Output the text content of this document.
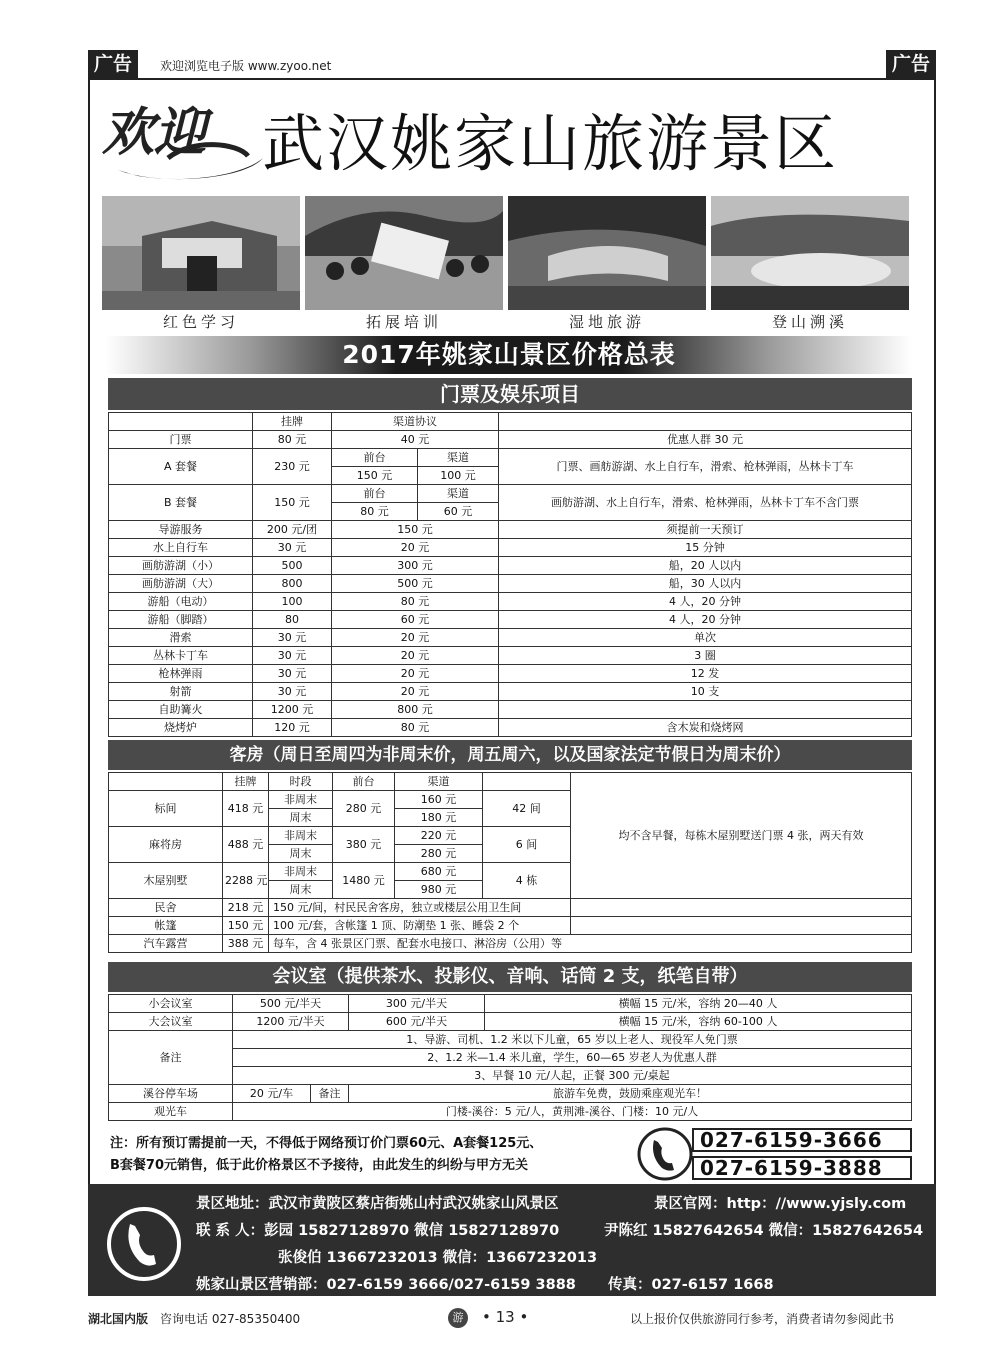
广告	欢迎浏览电子版 www.zyoo.net	广告
欢迎 武汉姚家山旅游景区
红色学习	拓展培训	湿地旅游	登山溯溪
2017年姚家山景区价格总表
门票及娱乐项目
	挂牌	渠道协议		
门票	80 元	40 元		优惠人群 30 元
A 套餐	230 元	前台	渠道	门票、画舫游湖、水上自行车，滑索、枪林弹雨，丛林卡丁车
		150 元	100 元	
B 套餐	150 元	前台	渠道	画舫游湖、水上自行车，滑索、枪林弹雨，丛林卡丁车不含门票
		80 元	60 元	
导游服务	200 元/团	150 元		须提前一天预订
水上自行车	30 元	20 元		15 分钟
画舫游湖（小）	500	300 元		船，20 人以内
画舫游湖（大）	800	500 元		船，30 人以内
游船（电动）	100	80 元		4 人，20 分钟
游船（脚踏）	80	60 元		4 人，20 分钟
滑索	30 元	20 元		单次
丛林卡丁车	30 元	20 元		3 圈
枪林弹雨	30 元	20 元		12 发
射箭	30 元	20 元		10 支
自助篝火	1200 元	800 元		
烧烤炉	120 元	80 元		含木炭和烧烤网
客房（周日至周四为非周末价，周五周六，以及国家法定节假日为周末价）
	挂牌	时段	前台	渠道		均不含早餐，每栋木屋别墅送门票 4 张，两天有效
标间	418 元	非周末	280 元	160 元	42 间	
		周末		180 元		
麻将房	488 元	非周末	380 元	220 元	6 间	
		周末		280 元		
木屋别墅	2288 元	非周末	1480 元	680 元	4 栋	
		周末		980 元		
民舍	218 元	150 元/间，村民民舍客房，独立或楼层公用卫生间				
帐篷	150 元	100 元/套，含帐篷 1 顶、防潮垫 1 张、睡袋 2 个				
汽车露营	388 元	每车，含 4 张景区门票、配套水电接口、淋浴房（公用）等				
会议室（提供茶水、投影仪、音响、话筒 2 支，纸笔自带）
小会议室	500 元/半天		300 元/半天	横幅 15 元/米，容纳 20—40 人
大会议室	1200 元/半天		600 元/半天	横幅 15 元/米，容纳 60-100 人
备注	1、导游、司机、1.2 米以下儿童，65 岁以上老人、现役军人免门票			
	2、1.2 米—1.4 米儿童，学生，60—65 岁老人为优惠人群			
	3、早餐 10 元/人起，正餐 300 元/桌起			
溪谷停车场	20 元/车	备注	旅游车免费，鼓励乘座观光车！	
观光车	门楼-溪谷：5 元/人，黄荆滩-溪谷、门楼：10 元/人			
注：所有预订需提前一天，不得低于网络预订价门票60元、A套餐125元、
B套餐70元销售，低于此价格景区不予接待，由此发生的纠纷与甲方无关
027-6159-3666
027-6159-3888
景区地址：武汉市黄陂区蔡店街姚山村武汉姚家山风景区	景区官网：http：//www.yjsly.com
联 系 人：彭园 15827128970 微信 15827128970	尹陈红 15827642654 微信：15827642654
张俊伯 13667232013 微信：13667232013
姚家山景区营销部：027-6159 3666/027-6159 3888 传真：027-6157 1668
湖北国内版 咨询电话 027-85350400	游	• 13 •	以上报价仅供旅游同行参考，消费者请勿参阅此书
